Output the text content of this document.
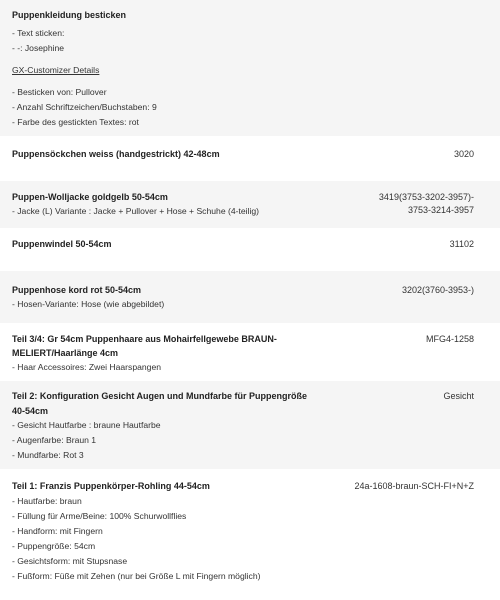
Puppenkleidung besticken
- Text sticken:
- -: Josephine
GX-Customizer Details
- Besticken von: Pullover
- Anzahl Schriftzeichen/Buchstaben: 9
- Farbe des gestickten Textes: rot
Puppensöckchen weiss (handgestrickt) 42-48cm	3020
Puppen-Wolljacke goldgelb 50-54cm
- Jacke (L) Variante : Jacke + Pullover + Hose + Schuhe (4-teilig)
3419(3753-3202-3957)-
3753-3214-3957
Puppenwindel 50-54cm	31102
Puppenhose kord rot 50-54cm
- Hosen-Variante: Hose (wie abgebildet)
3202(3760-3953-)
Teil 3/4: Gr 54cm Puppenhaare aus Mohairfellgewebe BRAUN-
MELIERT/Haarlänge 4cm
- Haar Accessoires: Zwei Haarspangen
MFG4-1258
Teil 2: Konfiguration Gesicht Augen und Mundfarbe für Puppengröße
40-54cm
- Gesicht Hautfarbe : braune Hautfarbe
- Augenfarbe: Braun 1
- Mundfarbe: Rot 3
Gesicht
Teil 1: Franzis Puppenkörper-Rohling 44-54cm
- Hautfarbe: braun
- Füllung für Arme/Beine: 100% Schurwollflies
- Handform: mit Fingern
- Puppengröße: 54cm
- Gesichtsform: mit Stupsnase
- Fußform: Füße mit Zehen (nur bei Größe L mit Fingern möglich)
24a-1608-braun-SCH-FI+N+Z
